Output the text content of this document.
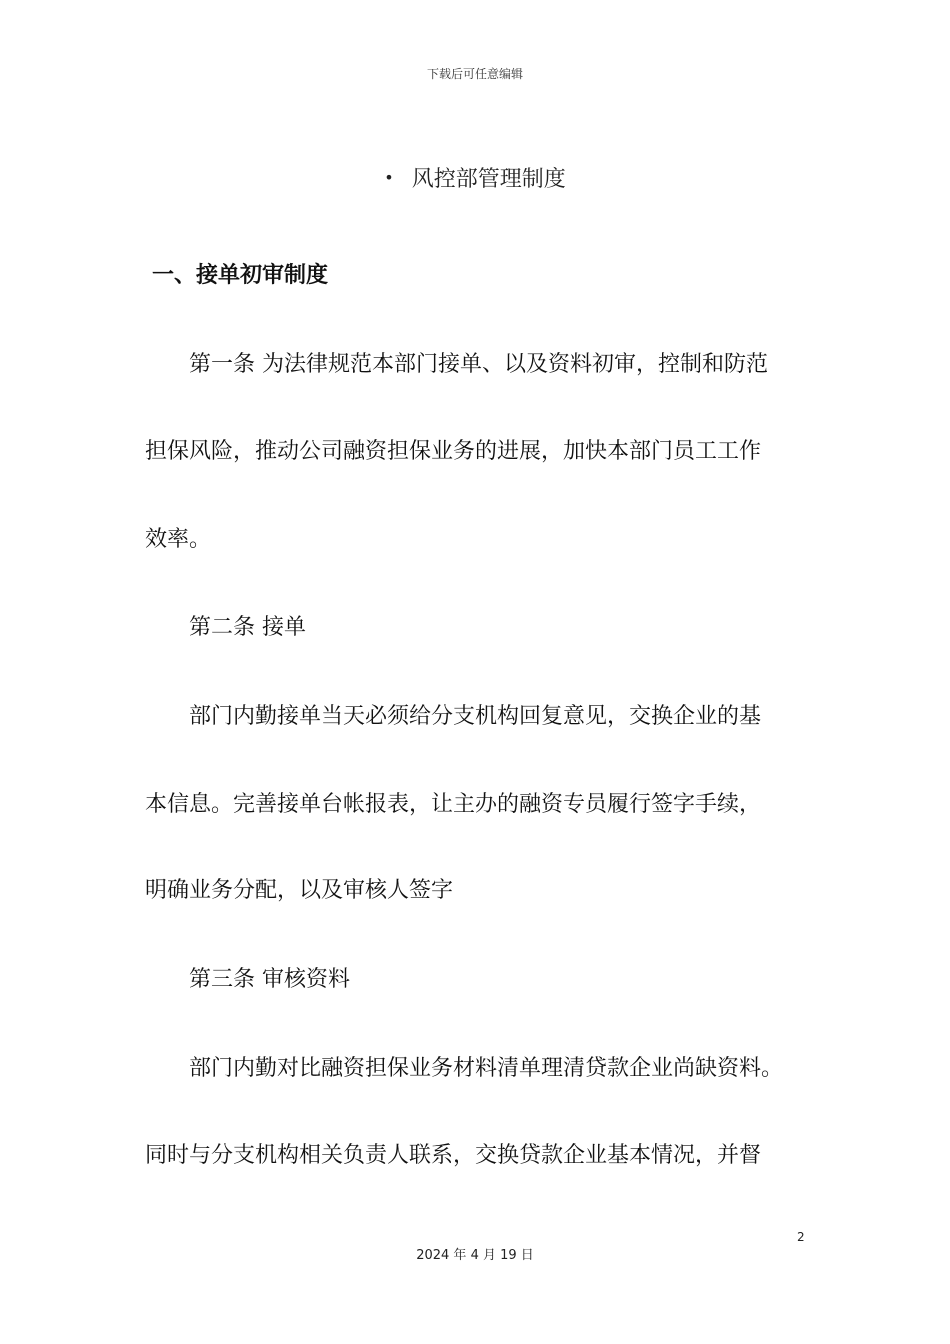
下载后可任意编辑
• 风控部管理制度
一、接单初审制度
第一条 为法律规范本部门接单、以及资料初审，控制和防范
担保风险，推动公司融资担保业务的进展，加快本部门员工工作
效率。
第二条 接单
部门内勤接单当天必须给分支机构回复意见，交换企业的基
本信息。完善接单台帐报表，让主办的融资专员履行签字手续，
明确业务分配，以及审核人签字
第三条 审核资料
部门内勤对比融资担保业务材料清单理清贷款企业尚缺资料。
同时与分支机构相关负责人联系，交换贷款企业基本情况，并督
2
2024 年 4 月 19 日
